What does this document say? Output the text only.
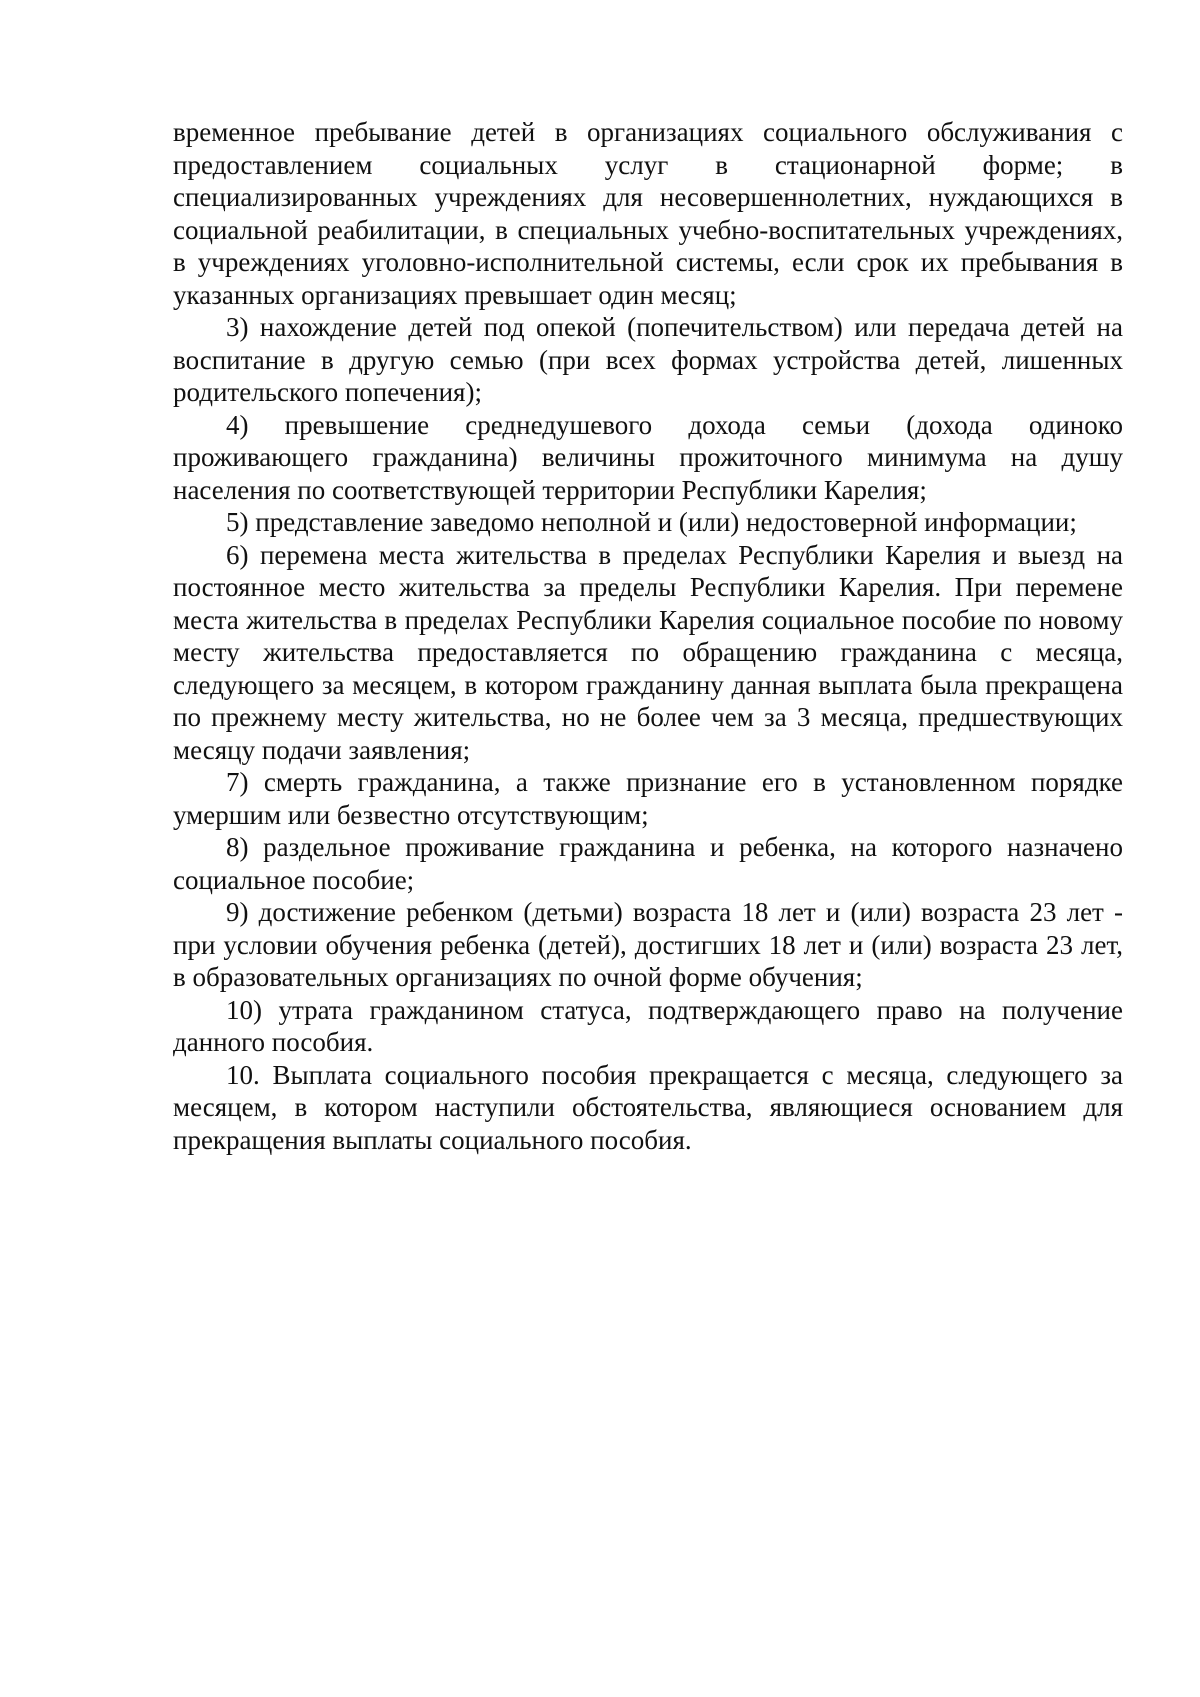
временное пребывание детей в организациях социального обслуживания с предоставлением социальных услуг в стационарной форме; в специализированных учреждениях для несовершеннолетних, нуждающихся в социальной реабилитации, в специальных учебно-воспитательных учреждениях, в учреждениях уголовно-исполнительной системы, если срок их пребывания в указанных организациях превышает один месяц;

3) нахождение детей под опекой (попечительством) или передача детей на воспитание в другую семью (при всех формах устройства детей, лишенных родительского попечения);

4) превышение среднедушевого дохода семьи (дохода одиноко проживающего гражданина) величины прожиточного минимума на душу населения по соответствующей территории Республики Карелия;

5) представление заведомо неполной и (или) недостоверной информации;

6) перемена места жительства в пределах Республики Карелия и выезд на постоянное место жительства за пределы Республики Карелия. При перемене места жительства в пределах Республики Карелия социальное пособие по новому месту жительства предоставляется по обращению гражданина с месяца, следующего за месяцем, в котором гражданину данная выплата была прекращена по прежнему месту жительства, но не более чем за 3 месяца, предшествующих месяцу подачи заявления;

7) смерть гражданина, а также признание его в установленном порядке умершим или безвестно отсутствующим;

8) раздельное проживание гражданина и ребенка, на которого назначено социальное пособие;

9) достижение ребенком (детьми) возраста 18 лет и (или) возраста 23 лет - при условии обучения ребенка (детей), достигших 18 лет и (или) возраста 23 лет, в образовательных организациях по очной форме обучения;

10) утрата гражданином статуса, подтверждающего право на получение данного пособия.

10. Выплата социального пособия прекращается с месяца, следующего за месяцем, в котором наступили обстоятельства, являющиеся основанием для прекращения выплаты социального пособия.
